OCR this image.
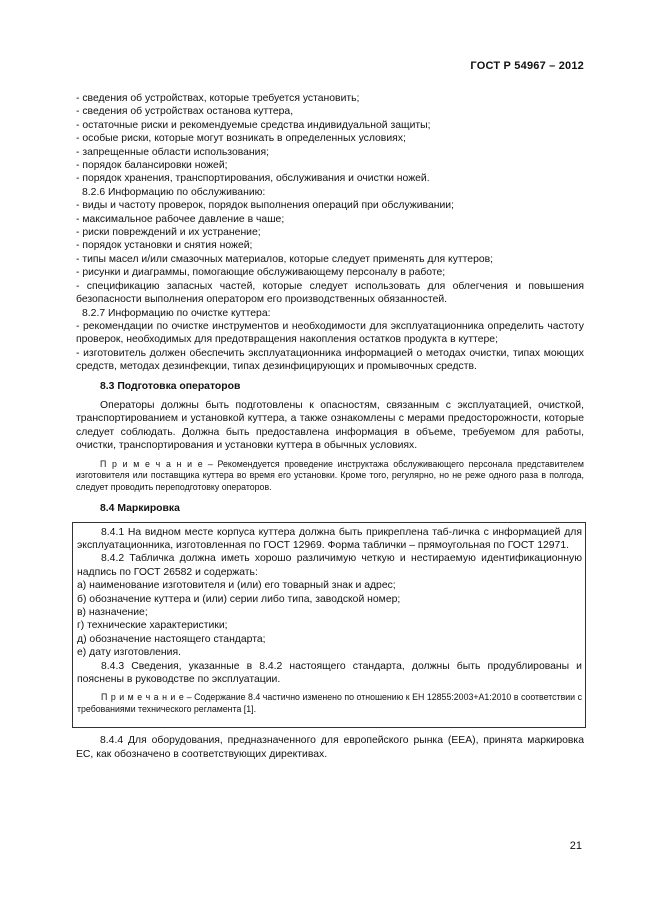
ГОСТ Р 54967 – 2012
- сведения об устройствах, которые требуется установить;
- сведения об устройствах останова куттера,
- остаточные риски и рекомендуемые средства индивидуальной защиты;
- особые риски, которые могут возникать в определенных условиях;
- запрещенные области использования;
- порядок балансировки ножей;
- порядок хранения, транспортирования, обслуживания и очистки ножей.
8.2.6 Информацию по обслуживанию:
- виды и частоту проверок, порядок выполнения операций при обслуживании;
- максимальное рабочее давление в чаше;
- риски повреждений и их устранение;
- порядок установки и снятия ножей;
- типы масел и/или смазочных материалов, которые следует применять для куттеров;
- рисунки и диаграммы, помогающие обслуживающему персоналу в работе;

- спецификацию запасных частей, которые следует использовать для облегчения и повышения безопасности выполнения оператором его производственных обязанностей.

8.2.7 Информацию по очистке куттера:

- рекомендации по очистке инструментов и необходимости для эксплуатационника определить частоту проверок, необходимых для предотвращения накопления остатков продукта в куттере;

- изготовитель должен обеспечить эксплуатационника информацией о методах очистки, типах моющих средств, методах дезинфекции, типах дезинфицирующих и промывочных средств.

8.3 Подготовка операторов

Операторы должны быть подготовлены к опасностям, связанным с эксплуатацией, очисткой, транспортированием и установкой куттера, а также ознакомлены с мерами предосторожности, которые следует соблюдать. Должна быть предоставлена информация в объеме, требуемом для работы, очистки, транспортирования и установки куттера в обычных условиях.

П р и м е ч а н и е – Рекомендуется проведение инструктажа обслуживающего персонала представителем изготовителя или поставщика куттера во время его установки. Кроме того, регулярно, но не реже одного раза в полгода, следует проводить переподготовку операторов.

8.4 Маркировка

8.4.1 На видном месте корпуса куттера должна быть прикреплена таб-личка с информацией для эксплуатационника, изготовленная по ГОСТ 12969. Форма таблички – прямоугольная по ГОСТ 12971.

8.4.2 Табличка должна иметь хорошо различимую четкую и нестираемую идентификационную надпись по ГОСТ 26582 и содержать:

а) наименование изготовителя и (или) его товарный знак и адрес;
б) обозначение куттера и (или) серии либо типа, заводской номер;
в) назначение;
г) технические характеристики;
д) обозначение настоящего стандарта;
е) дату изготовления.

8.4.3 Сведения, указанные в 8.4.2 настоящего стандарта, должны быть продублированы и пояснены в руководстве по эксплуатации.

П р и м е ч а н и е – Содержание 8.4 частично изменено по отношению к ЕН 12855:2003+А1:2010 в соответствии с требованиями технического регламента [1].

8.4.4 Для оборудования, предназначенного для европейского рынка (ЕЕА), принята маркировка ЕС, как обозначено в соответствующих директивах.

21
